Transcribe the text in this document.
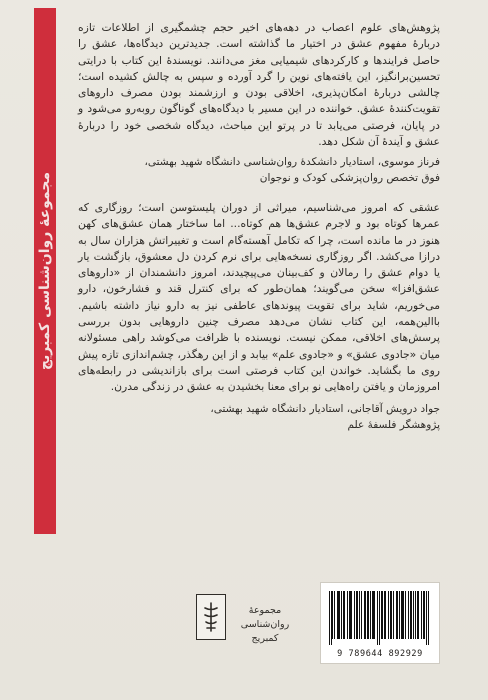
مجموعهٔ روان‌شناسی کمبریج

پژوهش‌های علوم اعصاب در دهه‌های اخیر حجم چشمگیری از اطلاعات تازه دربارهٔ مفهوم عشق در اختیار ما گذاشته است. جدیدترین دیدگاه‌ها، عشق را حاصل فرایندها و کارکردهای شیمیایی مغز می‌دانند. نویسندهٔ این کتاب با درایتی تحسین‌برانگیز، این یافته‌های نوین را گرد آورده و سپس به چالش کشیده است؛ چالشی دربارهٔ امکان‌پذیری، اخلاقی بودن و ارزشمند بودن مصرف داروهای تقویت‌کنندهٔ عشق. خواننده در این مسیر با دیدگاه‌های گوناگون روبه‌رو می‌شود و در پایان، فرصتی می‌یابد تا در پرتو این مباحث، دیدگاه شخصی خود را دربارهٔ عشق و آیندهٔ آن شکل دهد.

فرناز موسوی، استادیار دانشکدهٔ روان‌شناسی دانشگاه شهید بهشتی،

فوق تخصص روان‌پزشکی کودک و نوجوان

عشقی که امروز می‌شناسیم، میراثی از دوران پلیستوسن است؛ روزگاری که عمرها کوتاه بود و لاجرم عشق‌ها هم کوتاه... اما ساختار همان عشق‌های کهن هنوز در ما مانده است، چرا که تکامل آهسته‌گام است و تغییراتش هزاران سال به درازا می‌کشد. اگر روزگاری نسخه‌هایی برای نرم کردن دل معشوق، بازگشت یار یا دوام عشق را رمالان و کف‌بینان می‌پیچیدند، امروز دانشمندان از «داروهای عشق‌افزا» سخن می‌گویند؛ همان‌طور که برای کنترل قند و فشارخون، دارو می‌خوریم، شاید برای تقویت پیوندهای عاطفی نیز به دارو نیاز داشته باشیم. باالین‌همه، این کتاب نشان می‌دهد مصرف چنین داروهایی بدون بررسی پرسش‌های اخلاقی، ممکن نیست. نویسنده با ظرافت می‌کوشد راهی مسئولانه میان «جادوی عشق» و «جادوی علم» بیابد و از این رهگذر، چشم‌اندازی تازه پیش روی ما بگشاید. خواندن این کتاب فرصتی است برای بازاندیشی در رابطه‌های امروزمان و یافتن راه‌هایی نو برای معنا بخشیدن به عشق در زندگی مدرن.

جواد درویش آقاجانی، استادیار دانشگاه شهید بهشتی،

پژوهشگر فلسفهٔ علم

مجموعهٔ روان‌شناسی کمبریج
9 789644 892929
